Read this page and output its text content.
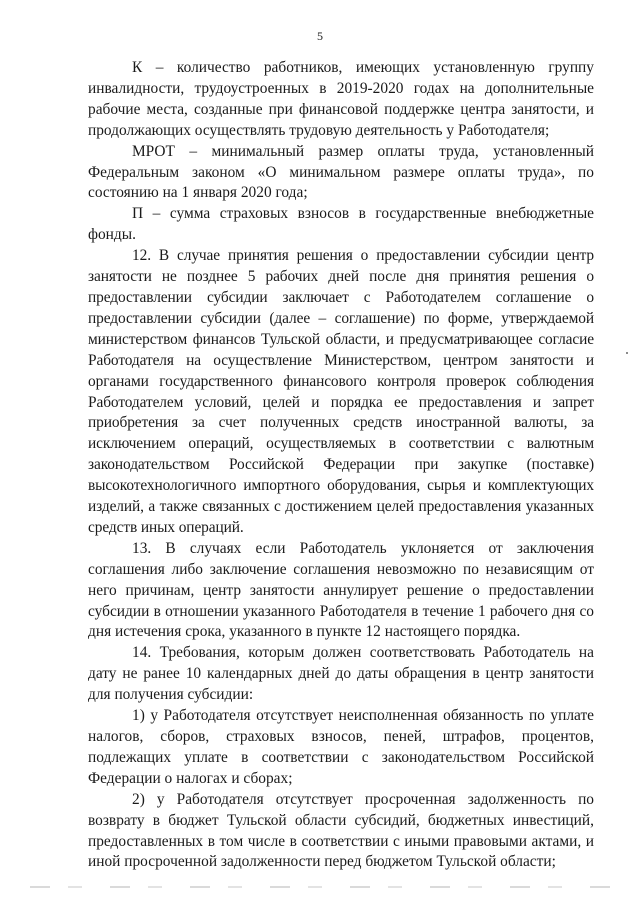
5

К – количество работников, имеющих установленную группу инвалидности, трудоустроенных в 2019-2020 годах на дополнительные рабочие места, созданные при финансовой поддержке центра занятости, и продолжающих осуществлять трудовую деятельность у Работодателя;

МРОТ – минимальный размер оплаты труда, установленный Федеральным законом «О минимальном размере оплаты труда», по состоянию на 1 января 2020 года;

П – сумма страховых взносов в государственные внебюджетные фонды.

12. В случае принятия решения о предоставлении субсидии центр занятости не позднее 5 рабочих дней после дня принятия решения о предоставлении субсидии заключает с Работодателем соглашение о предоставлении субсидии (далее – соглашение) по форме, утверждаемой министерством финансов Тульской области, и предусматривающее согласие Работодателя на осуществление Министерством, центром занятости и органами государственного финансового контроля проверок соблюдения Работодателем условий, целей и порядка ее предоставления и запрет приобретения за счет полученных средств иностранной валюты, за исключением операций, осуществляемых в соответствии с валютным законодательством Российской Федерации при закупке (поставке) высокотехнологичного импортного оборудования, сырья и комплектующих изделий, а также связанных с достижением целей предоставления указанных средств иных операций.

13. В случаях если Работодатель уклоняется от заключения соглашения либо заключение соглашения невозможно по независящим от него причинам, центр занятости аннулирует решение о предоставлении субсидии в отношении указанного Работодателя в течение 1 рабочего дня со дня истечения срока, указанного в пункте 12 настоящего порядка.

14. Требования, которым должен соответствовать Работодатель на дату не ранее 10 календарных дней до даты обращения в центр занятости для получения субсидии:

1) у Работодателя отсутствует неисполненная обязанность по уплате налогов, сборов, страховых взносов, пеней, штрафов, процентов, подлежащих уплате в соответствии с законодательством Российской Федерации о налогах и сборах;

2) у Работодателя отсутствует просроченная задолженность по возврату в бюджет Тульской области субсидий, бюджетных инвестиций, предоставленных в том числе в соответствии с иными правовыми актами, и иной просроченной задолженности перед бюджетом Тульской области;
